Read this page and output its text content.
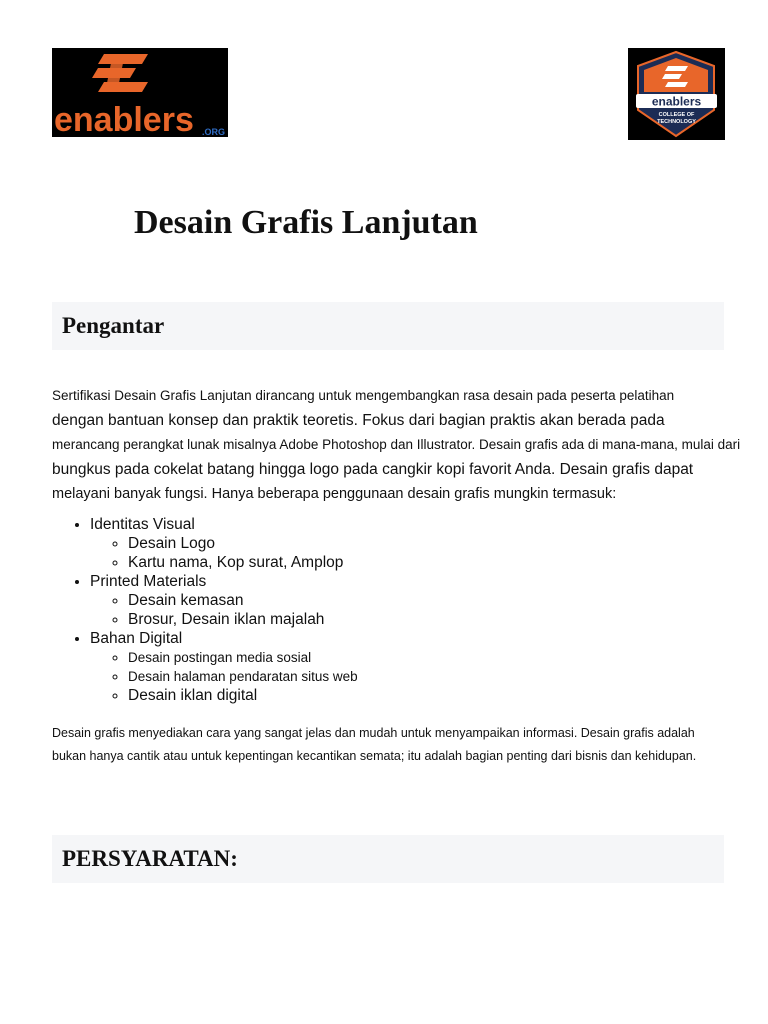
enablers .ORG
enablers
COLLEGE OF
TECHNOLOGY
Desain Grafis Lanjutan
Pengantar

Sertifikasi Desain Grafis Lanjutan dirancang untuk mengembangkan rasa desain pada peserta pelatihan

dengan bantuan konsep dan praktik teoretis. Fokus dari bagian praktis akan berada pada

merancang perangkat lunak misalnya Adobe Photoshop dan Illustrator. Desain grafis ada di mana-mana, mulai dari

bungkus pada cokelat batang hingga logo pada cangkir kopi favorit Anda. Desain grafis dapat

melayani banyak fungsi. Hanya beberapa penggunaan desain grafis mungkin termasuk:

• Identitas Visual
◦ Desain Logo
◦ Kartu nama, Kop surat, Amplop
• Printed Materials
◦ Desain kemasan
◦ Brosur, Desain iklan majalah
• Bahan Digital
◦ Desain postingan media sosial
◦ Desain halaman pendaratan situs web
◦ Desain iklan digital

Desain grafis menyediakan cara yang sangat jelas dan mudah untuk menyampaikan informasi. Desain grafis adalah

bukan hanya cantik atau untuk kepentingan kecantikan semata; itu adalah bagian penting dari bisnis dan kehidupan.

PERSYARATAN:
